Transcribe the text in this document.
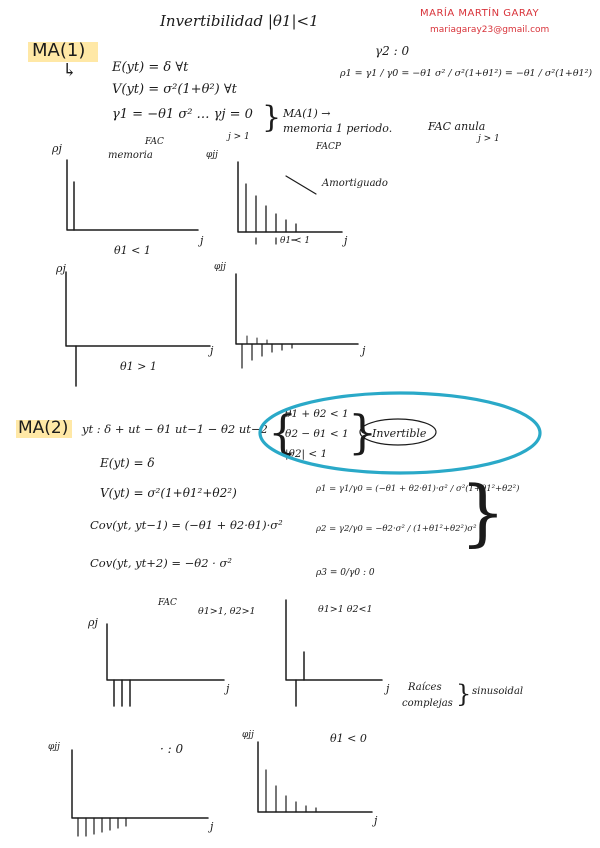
Invertibilidad |θ1|<1	MARÍA MARTÍN GARAY
mariagaray23@gmail.com
MA(1)
↳	E(yt) = δ ∀t
V(yt) = σ²(1+θ²) ∀t
γ1 = −θ1 σ² … γj = 0
j > 1
} MA(1) →
memoria 1 periodo.
γ2 : 0
ρ1 = γ1 / γ0 = −θ1 σ² / σ²(1+θ1²) = −θ1 / σ²(1+θ1²)
FAC anula
j > 1
FAC	FACP
memoria
Amortiguado
ρj	φjj
j	j
θ1 < 1
θ1 < 1
ρj	φjj
j	j
θ1 > 1
MA(2) yt : δ + ut − θ1 ut−1 − θ2 ut−2
E(yt) = δ
V(yt) = σ²(1+θ1²+θ2²)
Cov(yt, yt−1) = (−θ1 + θ2·θ1)·σ²
Cov(yt, yt+2) = −θ2 · σ²
{
θ1 + θ2 < 1
θ2 − θ1 < 1
|θ2| < 1 }
Invertible
ρ1 = γ1/γ0 = (−θ1 + θ2·θ1)·σ² / σ²(1+θ1²+θ2²)
ρ2 = γ2/γ0 = −θ2·σ² / (1+θ1²+θ2²)σ²
ρ3 = 0/γ0 : 0
}
FAC
θ1>1, θ2>1	θ1>1 θ2<1
ρj
j	j Raíces
complejas } sinusoidal
φjj	· : 0
φjj	θ1 < 0
j	j
